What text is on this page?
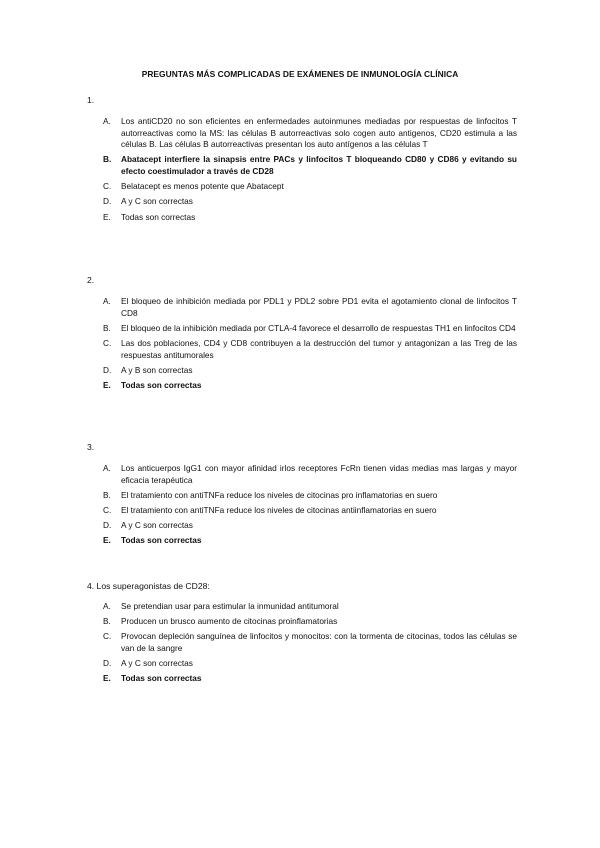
PREGUNTAS MÁS COMPLICADAS DE EXÁMENES DE INMUNOLOGÍA CLÍNICA
1.
A. Los antiCD20 no son eficientes en enfermedades autoinmunes mediadas por respuestas de linfocitos T autorreactivas como la MS: las células B autorreactivas solo cogen auto antigenos, CD20 estimula a las células B. Las células B autorreactivas presentan los auto antígenos a las células T
B. Abatacept interfiere la sinapsis entre PACs y linfocitos T bloqueando CD80 y CD86 y evitando su efecto coestimulador a través de CD28
C. Belatacept es menos potente que Abatacept
D. A y C son correctas
E. Todas son correctas
2.
A. El bloqueo de inhibición mediada por PDL1 y PDL2 sobre PD1 evita el agotamiento clonal de linfocitos T CD8
B. El bloqueo de la inhibición mediada por CTLA-4 favorece el desarrollo de respuestas TH1 en linfocitos CD4
C. Las dos poblaciones, CD4 y CD8 contribuyen a la destrucción del tumor y antagonizan a las Treg de las respuestas antitumorales
D. A y B son correctas
E. Todas son correctas
3.
A. Los anticuerpos IgG1 con mayor afinidad irlos receptores FcRn tienen vidas medias mas largas y mayor eficacia terapéutica
B. El tratamiento con antiTNFa reduce los niveles de citocinas pro inflamatorias en suero
C. El tratamiento con antiTNFa reduce los niveles de citocinas antiinflamatorias en suero
D. A y C son correctas
E. Todas son correctas
4. Los superagonistas de CD28:
A. Se pretendian usar para estimular la inmunidad antitumoral
B. Producen un brusco aumento de citocinas proinflamatorias
C. Provocan depleción sanguínea de linfocitos y monocitos: con la tormenta de citocinas, todos las células se van de la sangre
D. A y C son correctas
E. Todas son correctas
